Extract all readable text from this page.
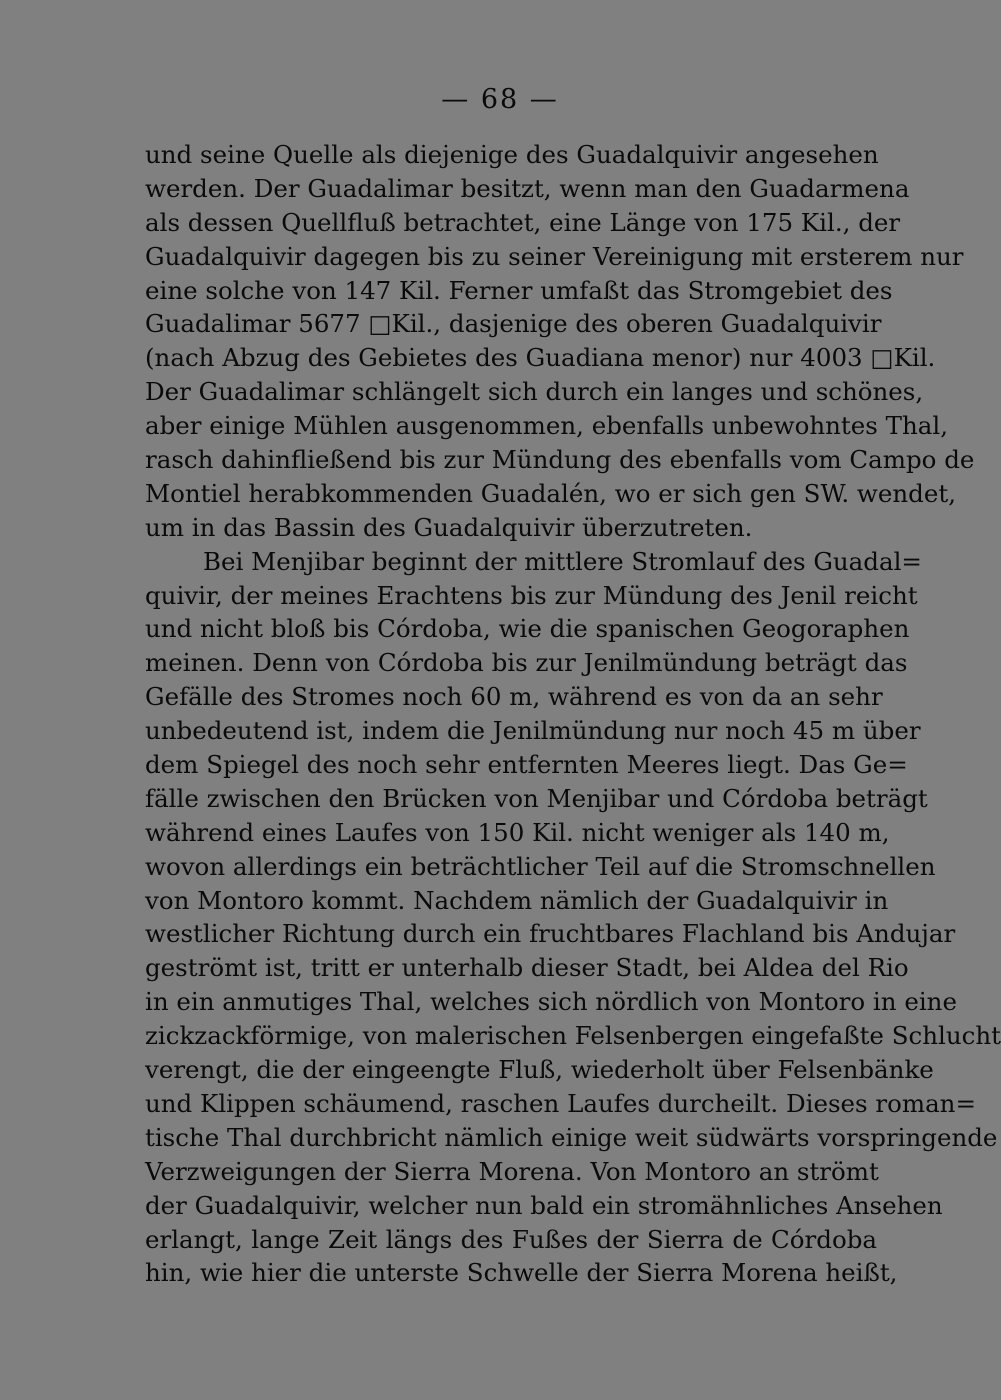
— 68 —
und seine Quelle als diejenige des Guadalquivir angesehen
werden. Der Guadalimar besitzt, wenn man den Guadarmena
als dessen Quellfluß betrachtet, eine Länge von 175 Kil., der
Guadalquivir dagegen bis zu seiner Vereinigung mit ersterem nur
eine solche von 147 Kil. Ferner umfaßt das Stromgebiet des
Guadalimar 5677 □Kil., dasjenige des oberen Guadalquivir
(nach Abzug des Gebietes des Guadiana menor) nur 4003 □Kil.
Der Guadalimar schlängelt sich durch ein langes und schönes,
aber einige Mühlen ausgenommen, ebenfalls unbewohntes Thal,
rasch dahinfließend bis zur Mündung des ebenfalls vom Campo de
Montiel herabkommenden Guadalén, wo er sich gen SW. wendet,
um in das Bassin des Guadalquivir überzutreten.
Bei Menjibar beginnt der mittlere Stromlauf des Guadal=
quivir, der meines Erachtens bis zur Mündung des Jenil reicht
und nicht bloß bis Córdoba, wie die spanischen Geogoraphen
meinen. Denn von Córdoba bis zur Jenilmündung beträgt das
Gefälle des Stromes noch 60 m, während es von da an sehr
unbedeutend ist, indem die Jenilmündung nur noch 45 m über
dem Spiegel des noch sehr entfernten Meeres liegt. Das Ge=
fälle zwischen den Brücken von Menjibar und Córdoba beträgt
während eines Laufes von 150 Kil. nicht weniger als 140 m,
wovon allerdings ein beträchtlicher Teil auf die Stromschnellen
von Montoro kommt. Nachdem nämlich der Guadalquivir in
westlicher Richtung durch ein fruchtbares Flachland bis Andujar
geströmt ist, tritt er unterhalb dieser Stadt, bei Aldea del Rio
in ein anmutiges Thal, welches sich nördlich von Montoro in eine
zickzackförmige, von malerischen Felsenbergen eingefaßte Schlucht
verengt, die der eingeengte Fluß, wiederholt über Felsenbänke
und Klippen schäumend, raschen Laufes durcheilt. Dieses roman=
tische Thal durchbricht nämlich einige weit südwärts vorspringende
Verzweigungen der Sierra Morena. Von Montoro an strömt
der Guadalquivir, welcher nun bald ein stromähnliches Ansehen
erlangt, lange Zeit längs des Fußes der Sierra de Córdoba
hin, wie hier die unterste Schwelle der Sierra Morena heißt,
